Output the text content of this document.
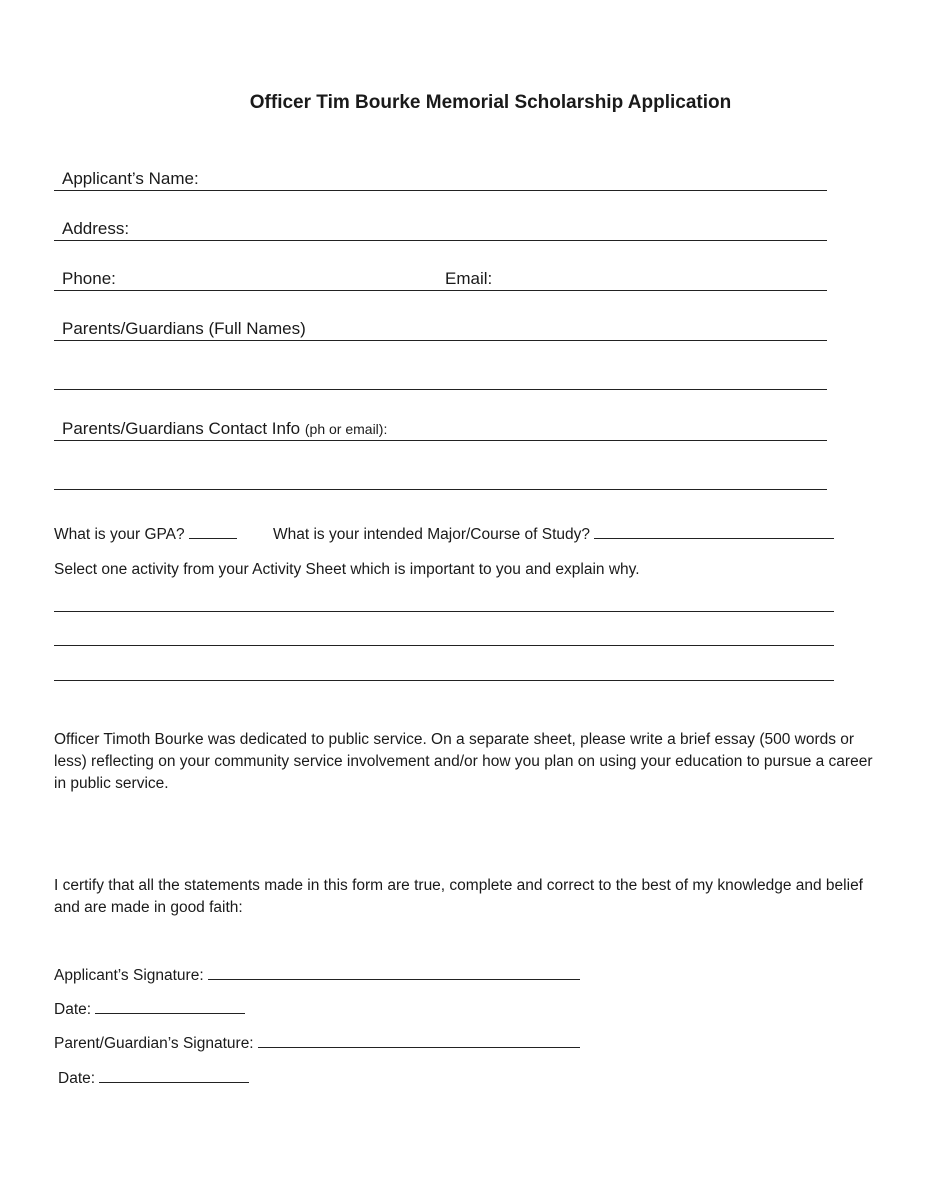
Officer Tim Bourke Memorial Scholarship Application
Applicant’s Name:
Address:
Phone:	Email:
Parents/Guardians (Full Names)
Parents/Guardians Contact Info (ph or email):
What is your GPA?	What is your intended Major/Course of Study?
Select one activity from your Activity Sheet which is important to you and explain why.
Officer Timoth Bourke was dedicated to public service. On a separate sheet, please write a brief essay (500 words or less) reflecting on your community service involvement and/or how you plan on using your education to pursue a career in public service.
I certify that all the statements made in this form are true, complete and correct to the best of my knowledge and belief and are made in good faith:
Applicant’s Signature:
Date:
Parent/Guardian’s Signature:
Date:
